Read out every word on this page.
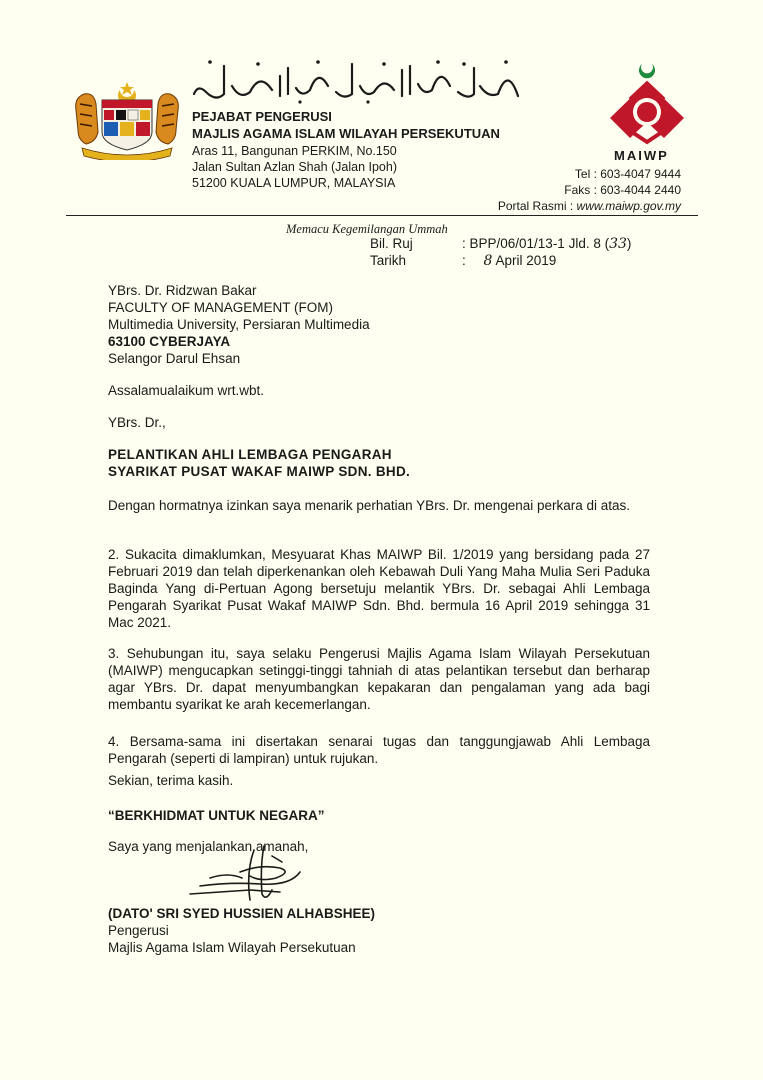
PEJABAT PENGERUSI
MAJLIS AGAMA ISLAM WILAYAH PERSEKUTUAN
Aras 11, Bangunan PERKIM, No.150
Jalan Sultan Azlan Shah (Jalan Ipoh)
51200 KUALA LUMPUR, MALAYSIA
MAIWP
Tel : 603-4047 9444
Faks : 603-4044 2440
Portal Rasmi : www.maiwp.gov.my
Memacu Kegemilangan Ummah
Bil. Ruj	: BPP/06/01/13-1 Jld. 8 (33)
Tarikh	: 8 April 2019
YBrs. Dr. Ridzwan Bakar
FACULTY OF MANAGEMENT (FOM)
Multimedia University, Persiaran Multimedia
63100 CYBERJAYA
Selangor Darul Ehsan
Assalamualaikum wrt.wbt.
YBrs. Dr.,
PELANTIKAN AHLI LEMBAGA PENGARAH
SYARIKAT PUSAT WAKAF MAIWP SDN. BHD.
Dengan hormatnya izinkan saya menarik perhatian YBrs. Dr. mengenai perkara di atas.
2. Sukacita dimaklumkan, Mesyuarat Khas MAIWP Bil. 1/2019 yang bersidang pada 27 Februari 2019 dan telah diperkenankan oleh Kebawah Duli Yang Maha Mulia Seri Paduka Baginda Yang di-Pertuan Agong bersetuju melantik YBrs. Dr. sebagai Ahli Lembaga Pengarah Syarikat Pusat Wakaf MAIWP Sdn. Bhd. bermula 16 April 2019 sehingga 31 Mac 2021.
3. Sehubungan itu, saya selaku Pengerusi Majlis Agama Islam Wilayah Persekutuan (MAIWP) mengucapkan setinggi-tinggi tahniah di atas pelantikan tersebut dan berharap agar YBrs. Dr. dapat menyumbangkan kepakaran dan pengalaman yang ada bagi membantu syarikat ke arah kecemerlangan.
4. Bersama-sama ini disertakan senarai tugas dan tanggungjawab Ahli Lembaga Pengarah (seperti di lampiran) untuk rujukan.
Sekian, terima kasih.
“BERKHIDMAT UNTUK NEGARA”
Saya yang menjalankan amanah,
(DATO' SRI SYED HUSSIEN ALHABSHEE)
Pengerusi
Majlis Agama Islam Wilayah Persekutuan
